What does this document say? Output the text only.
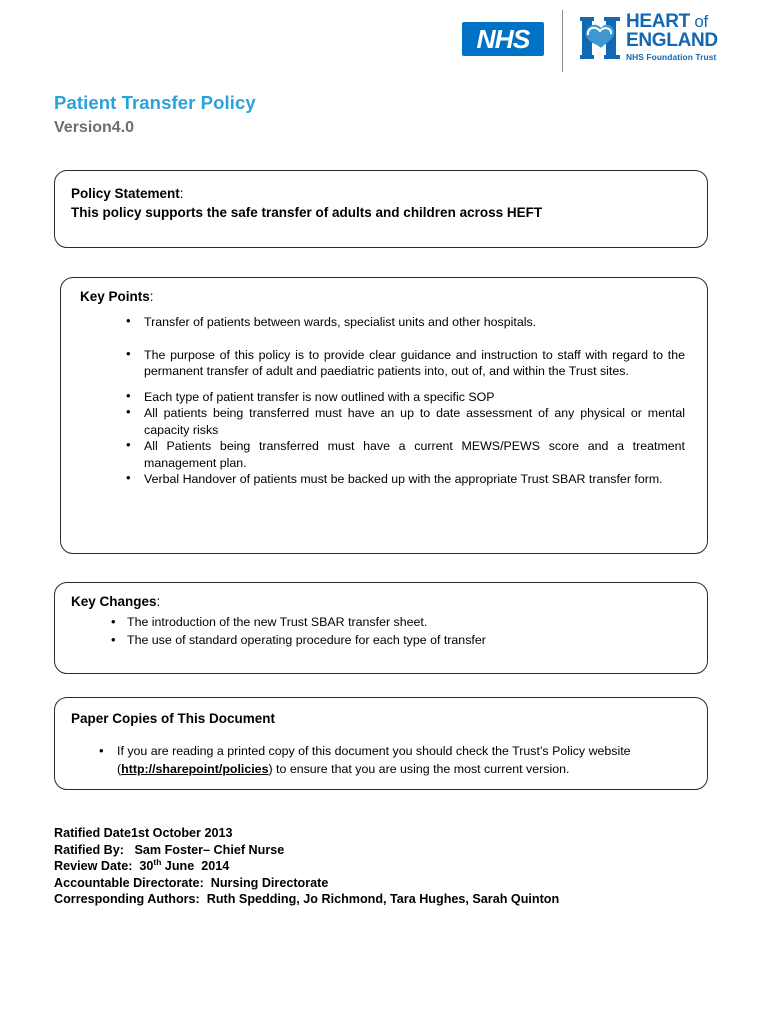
NHS
HEART of
ENGLAND
NHS Foundation Trust
Patient Transfer Policy
Version4.0
Policy Statement:
This policy supports the safe transfer of adults and children across HEFT
Key Points:
• Transfer of patients between wards, specialist units and other hospitals.
• The purpose of this policy is to provide clear guidance and instruction to staff with regard to the permanent transfer of adult and paediatric patients into, out of, and within the Trust sites.
• Each type of patient transfer is now outlined with a specific SOP
• All patients being transferred must have an up to date assessment of any physical or mental capacity risks
• All Patients being transferred must have a current MEWS/PEWS score and a treatment management plan.
• Verbal Handover of patients must be backed up with the appropriate Trust SBAR transfer form.
Key Changes:
• The introduction of the new Trust SBAR transfer sheet.
• The use of standard operating procedure for each type of transfer
Paper Copies of This Document
• If you are reading a printed copy of this document you should check the Trust’s Policy website (http://sharepoint/policies) to ensure that you are using the most current version.
Ratified Date1st October 2013
Ratified By:   Sam Foster– Chief Nurse
Review Date:  30th June  2014
Accountable Directorate:  Nursing Directorate
Corresponding Authors:  Ruth Spedding, Jo Richmond, Tara Hughes, Sarah Quinton
